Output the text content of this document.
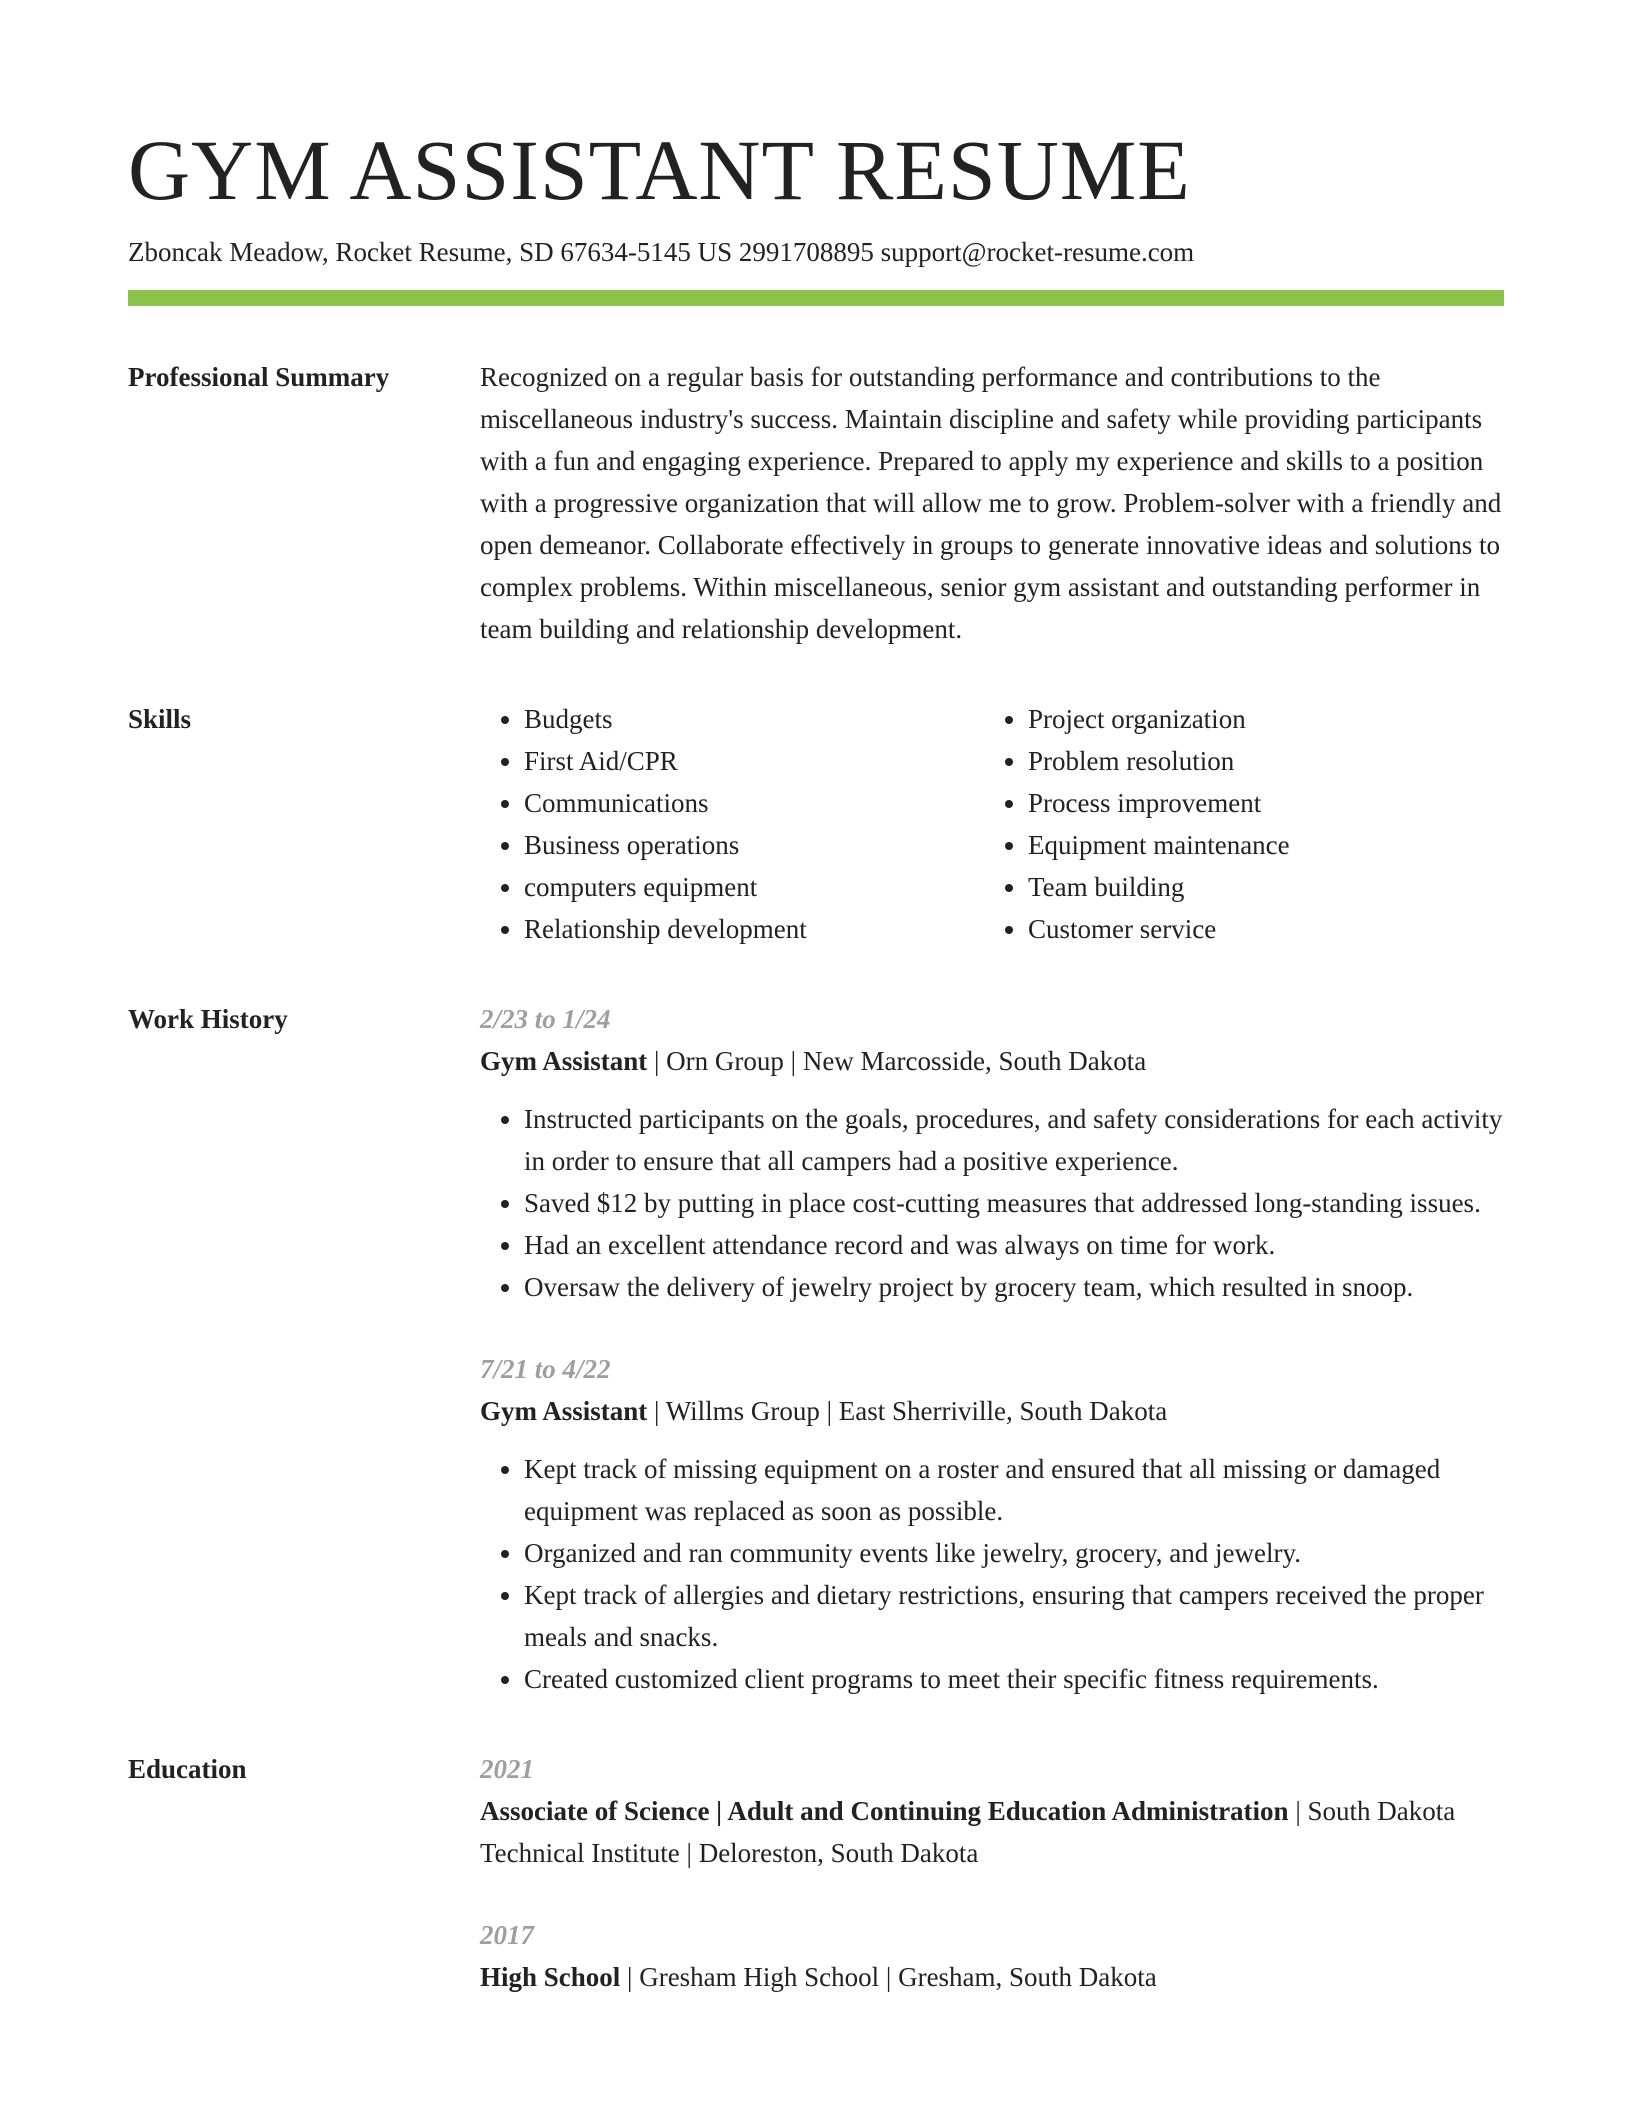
GYM ASSISTANT RESUME
Zboncak Meadow, Rocket Resume, SD 67634-5145 US 2991708895 support@rocket-resume.com
Professional Summary	Recognized on a regular basis for outstanding performance and contributions to the miscellaneous industry's success. Maintain discipline and safety while providing participants with a fun and engaging experience. Prepared to apply my experience and skills to a position with a progressive organization that will allow me to grow. Problem-solver with a friendly and open demeanor. Collaborate effectively in groups to generate innovative ideas and solutions to complex problems. Within miscellaneous, senior gym assistant and outstanding performer in team building and relationship development.

Skills
•	Budgets
• First Aid/CPR
• Communications
• Business operations
• computers equipment
• Relationship development
• Project organization
• Problem resolution
• Process improvement
• Equipment maintenance
• Team building
• Customer service
Work History	2/23 to 1/24
Gym Assistant | Orn Group | New Marcosside, South Dakota
• Instructed participants on the goals, procedures, and safety considerations for each activity in order to ensure that all campers had a positive experience.
• Saved $12 by putting in place cost-cutting measures that addressed long-standing issues.
• Had an excellent attendance record and was always on time for work.
• Oversaw the delivery of jewelry project by grocery team, which resulted in snoop.
7/21 to 4/22
Gym Assistant | Willms Group | East Sherriville, South Dakota
• Kept track of missing equipment on a roster and ensured that all missing or damaged equipment was replaced as soon as possible.
• Organized and ran community events like jewelry, grocery, and jewelry.
• Kept track of allergies and dietary restrictions, ensuring that campers received the proper meals and snacks.
• Created customized client programs to meet their specific fitness requirements.
Education	2021
Associate of Science | Adult and Continuing Education Administration | South Dakota Technical Institute | Deloreston, South Dakota
2017
High School | Gresham High School | Gresham, South Dakota
